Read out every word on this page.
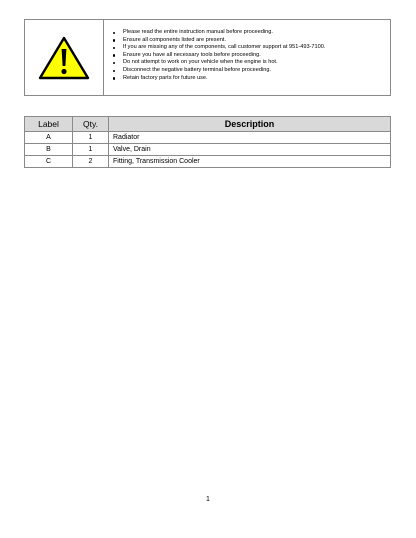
Please read the entire instruction manual before proceeding.
Ensure all components listed are present.
If you are missing any of the components, call customer support at 951-493-7100.
Ensure you have all necessary tools before proceeding.
Do not attempt to work on your vehicle when the engine is hot.
Disconnect the negative battery terminal before proceeding.
Retain factory parts for future use.
Label	Qty.	Description
A	1	Radiator
B	1	Valve, Drain
C	2	Fitting, Transmission Cooler
1
